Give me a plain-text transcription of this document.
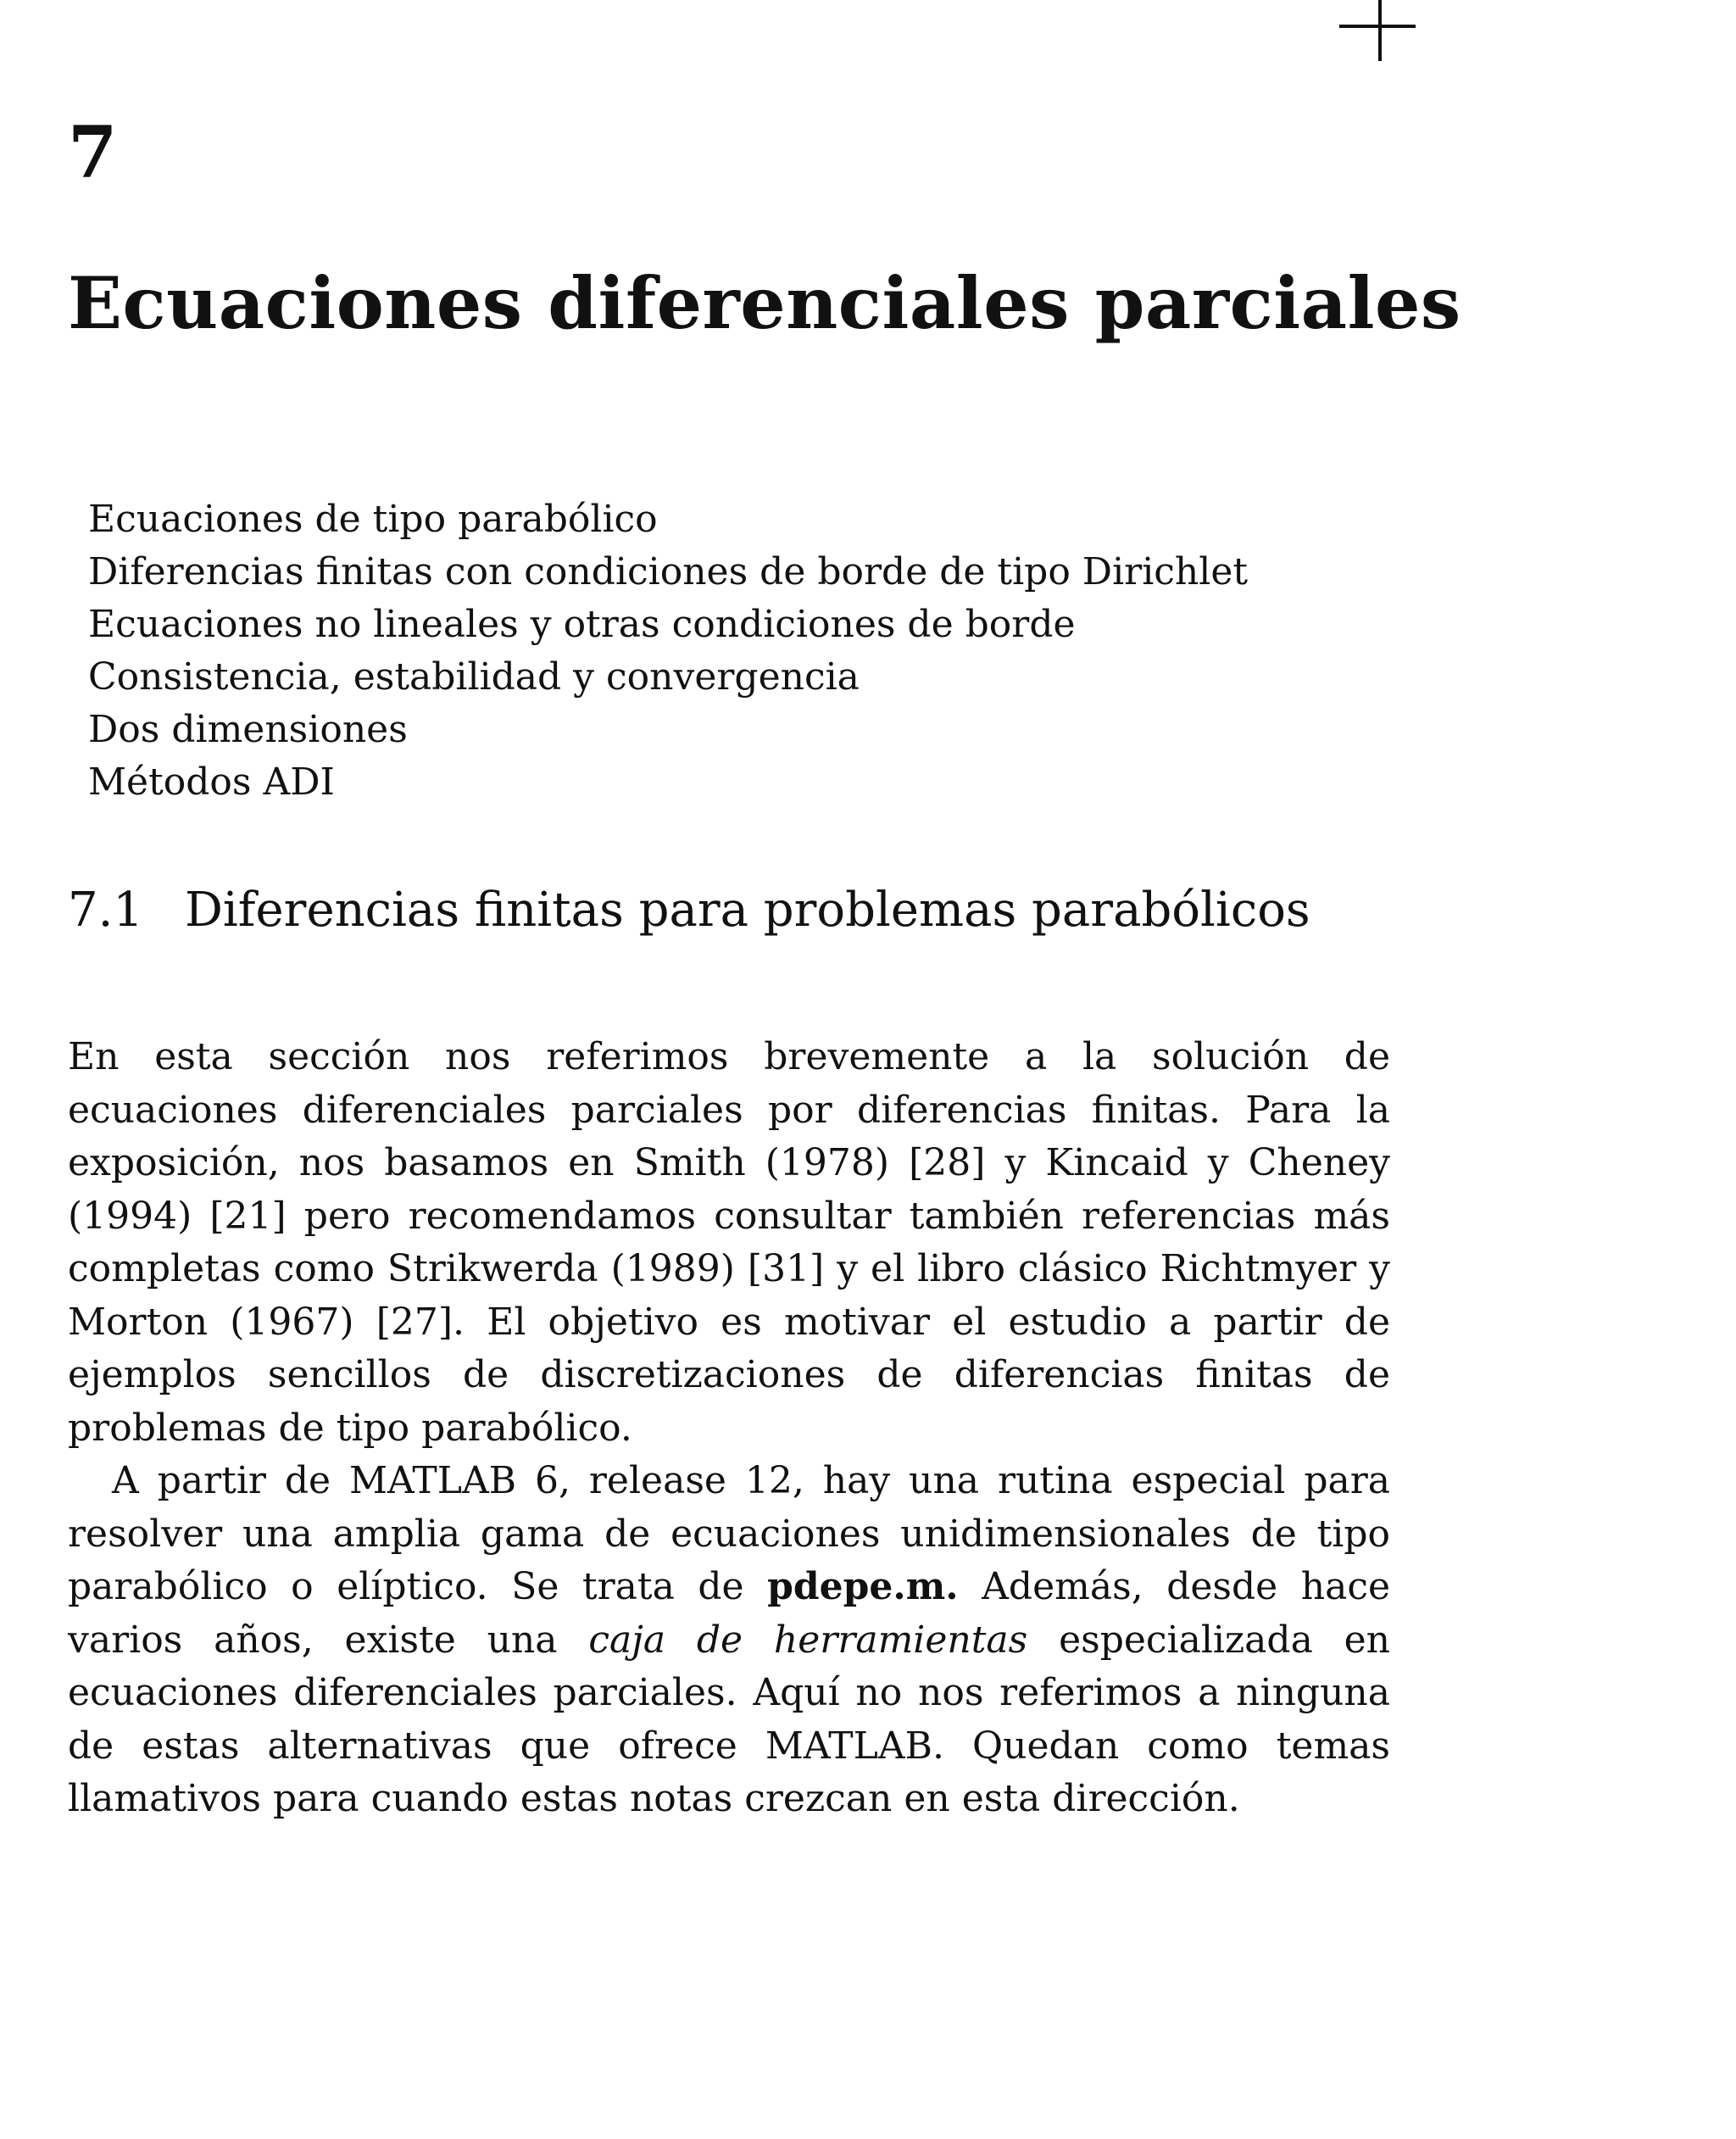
7
Ecuaciones diferenciales parciales
Ecuaciones de tipo parabólico
Diferencias finitas con condiciones de borde de tipo Dirichlet
Ecuaciones no lineales y otras condiciones de borde
Consistencia, estabilidad y convergencia
Dos dimensiones
Métodos ADI
7.1 Diferencias finitas para problemas parabólicos

En esta sección nos referimos brevemente a la solución de ecuaciones diferenciales parciales por diferencias finitas. Para la exposición, nos basamos en Smith (1978) [28] y Kincaid y Cheney (1994) [21] pero recomendamos consultar también referencias más completas como Strikwerda (1989) [31] y el libro clásico Richtmyer y Morton (1967) [27]. El objetivo es motivar el estudio a partir de ejemplos sencillos de discretizaciones de diferencias finitas de problemas de tipo parabólico.

A partir de MATLAB 6, release 12, hay una rutina especial para resolver una amplia gama de ecuaciones unidimensionales de tipo parabólico o elíptico. Se trata de pdepe.m. Además, desde hace varios años, existe una caja de herramientas especializada en ecuaciones diferenciales parciales. Aquí no nos referimos a ninguna de estas alternativas que ofrece MATLAB. Quedan como temas llamativos para cuando estas notas crezcan en esta dirección.
